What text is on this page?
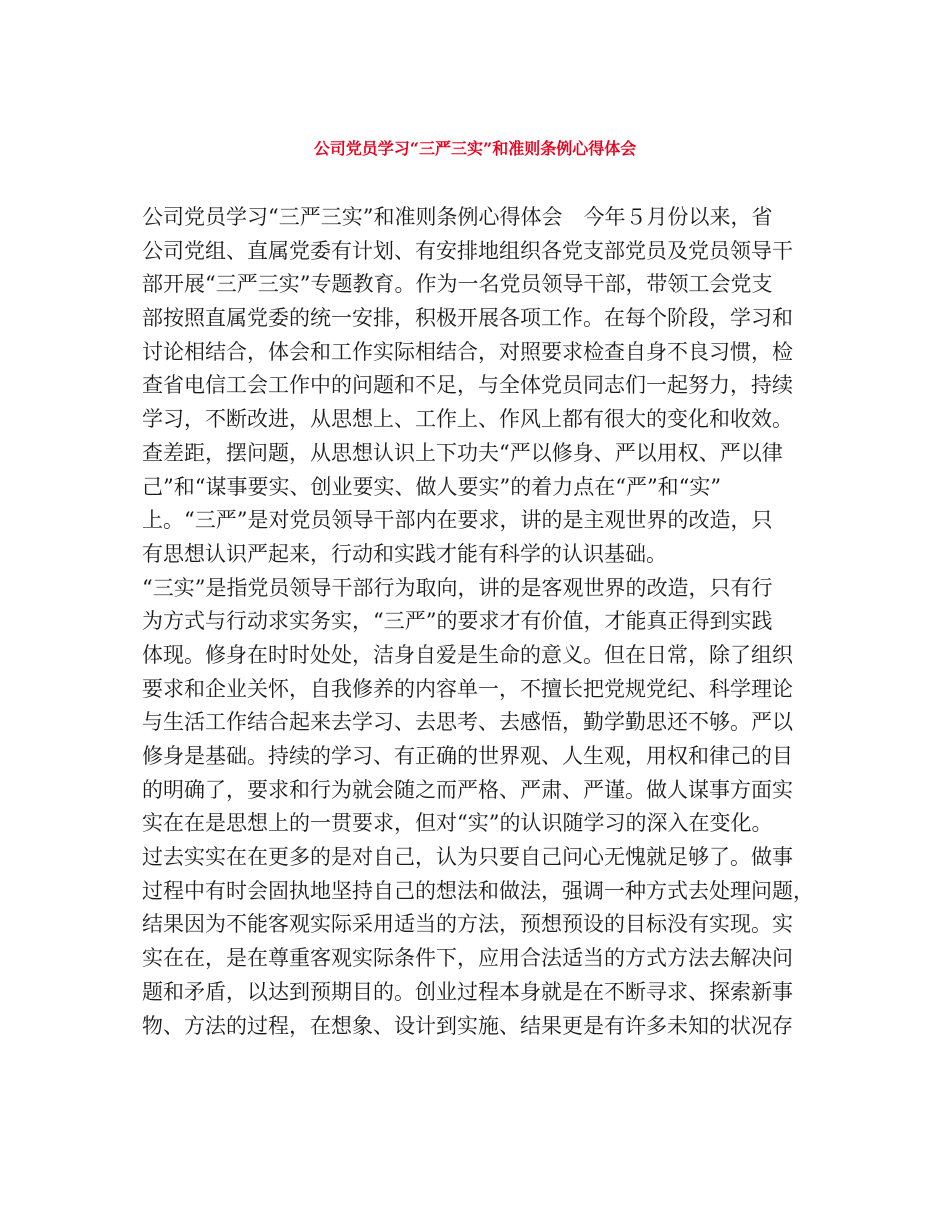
公司党员学习“三严三实”和准则条例心得体会
公司党员学习“三严三实”和准则条例心得体会　今年５月份以来，省
公司党组、直属党委有计划、有安排地组织各党支部党员及党员领导干
部开展“三严三实”专题教育。作为一名党员领导干部，带领工会党支
部按照直属党委的统一安排，积极开展各项工作。在每个阶段，学习和
讨论相结合，体会和工作实际相结合，对照要求检查自身不良习惯，检
查省电信工会工作中的问题和不足，与全体党员同志们一起努力，持续
学习，不断改进，从思想上、工作上、作风上都有很大的变化和收效。
查差距，摆问题，从思想认识上下功夫“严以修身、严以用权、严以律
己”和“谋事要实、创业要实、做人要实”的着力点在“严”和“实”
上。“三严”是对党员领导干部内在要求，讲的是主观世界的改造，只
有思想认识严起来，行动和实践才能有科学的认识基础。
“三实”是指党员领导干部行为取向，讲的是客观世界的改造，只有行
为方式与行动求实务实，“三严”的要求才有价值，才能真正得到实践
体现。修身在时时处处，洁身自爱是生命的意义。但在日常，除了组织
要求和企业关怀，自我修养的内容单一，不擅长把党规党纪、科学理论
与生活工作结合起来去学习、去思考、去感悟，勤学勤思还不够。严以
修身是基础。持续的学习、有正确的世界观、人生观，用权和律己的目
的明确了，要求和行为就会随之而严格、严肃、严谨。做人谋事方面实
实在在是思想上的一贯要求，但对“实”的认识随学习的深入在变化。
过去实实在在更多的是对自己，认为只要自己问心无愧就足够了。做事
过程中有时会固执地坚持自己的想法和做法，强调一种方式去处理问题，
结果因为不能客观实际采用适当的方法，预想预设的目标没有实现。实
实在在，是在尊重客观实际条件下，应用合法适当的方式方法去解决问
题和矛盾，以达到预期目的。创业过程本身就是在不断寻求、探索新事
物、方法的过程，在想象、设计到实施、结果更是有许多未知的状况存
